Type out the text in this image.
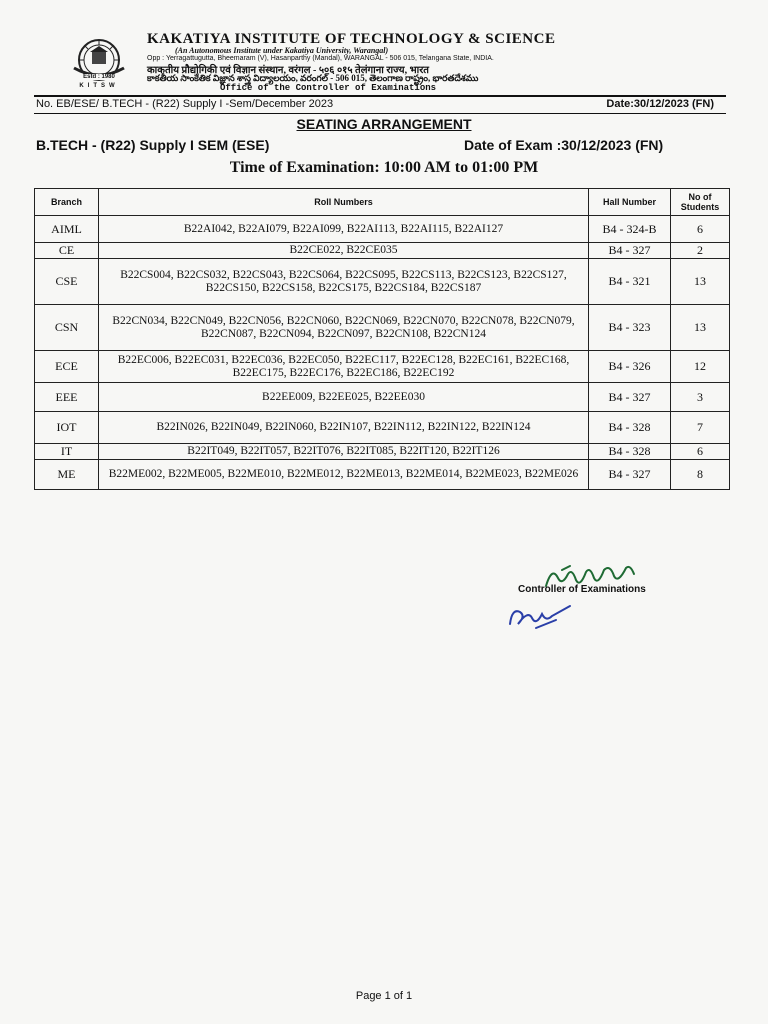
Estd : 1980
KITSW
KAKATIYA INSTITUTE OF TECHNOLOGY & SCIENCE
(An Autonomous Institute under Kakatiya University, Warangal)
Opp : Yerragattugutta, Bheemaram (V), Hasanparthy (Mandal), WARANGAL - 506 015, Telangana State, INDIA.
काकतीय प्रौद्योगिकी एवं विज्ञान संस्थान, वरंगल - ५०६ ०१५ तेलंगाना राज्य, भारत
కాకతీయ సాంకేతిక విజ్ఞాన శాస్త్ర విద్యాలయం, వరంగల్ - 506 015, తెలంగాణ రాష్ట్రం, భారతదేశము
Office of the Controller of Examinations
No. EB/ESE/ B.TECH - (R22) Supply I -Sem/December 2023	Date:30/12/2023 (FN)
SEATING ARRANGEMENT
B.TECH - (R22) Supply I SEM (ESE)	Date of Exam :30/12/2023 (FN)
Time of Examination: 10:00 AM to 01:00 PM
Branch	Roll Numbers	Hall Number	No of Students
AIML	B22AI042, B22AI079, B22AI099, B22AI113, B22AI115, B22AI127	B4 - 324-B	6
CE	B22CE022, B22CE035	B4 - 327	2
CSE	B22CS004, B22CS032, B22CS043, B22CS064, B22CS095, B22CS113, B22CS123, B22CS127, B22CS150, B22CS158, B22CS175, B22CS184, B22CS187	B4 - 321	13
CSN	B22CN034, B22CN049, B22CN056, B22CN060, B22CN069, B22CN070, B22CN078, B22CN079, B22CN087, B22CN094, B22CN097, B22CN108, B22CN124	B4 - 323	13
ECE	B22EC006, B22EC031, B22EC036, B22EC050, B22EC117, B22EC128, B22EC161, B22EC168, B22EC175, B22EC176, B22EC186, B22EC192	B4 - 326	12
EEE	B22EE009, B22EE025, B22EE030	B4 - 327	3
IOT	B22IN026, B22IN049, B22IN060, B22IN107, B22IN112, B22IN122, B22IN124	B4 - 328	7
IT	B22IT049, B22IT057, B22IT076, B22IT085, B22IT120, B22IT126	B4 - 328	6
ME	B22ME002, B22ME005, B22ME010, B22ME012, B22ME013, B22ME014, B22ME023, B22ME026	B4 - 327	8
Controller of Examinations
Page 1 of 1
